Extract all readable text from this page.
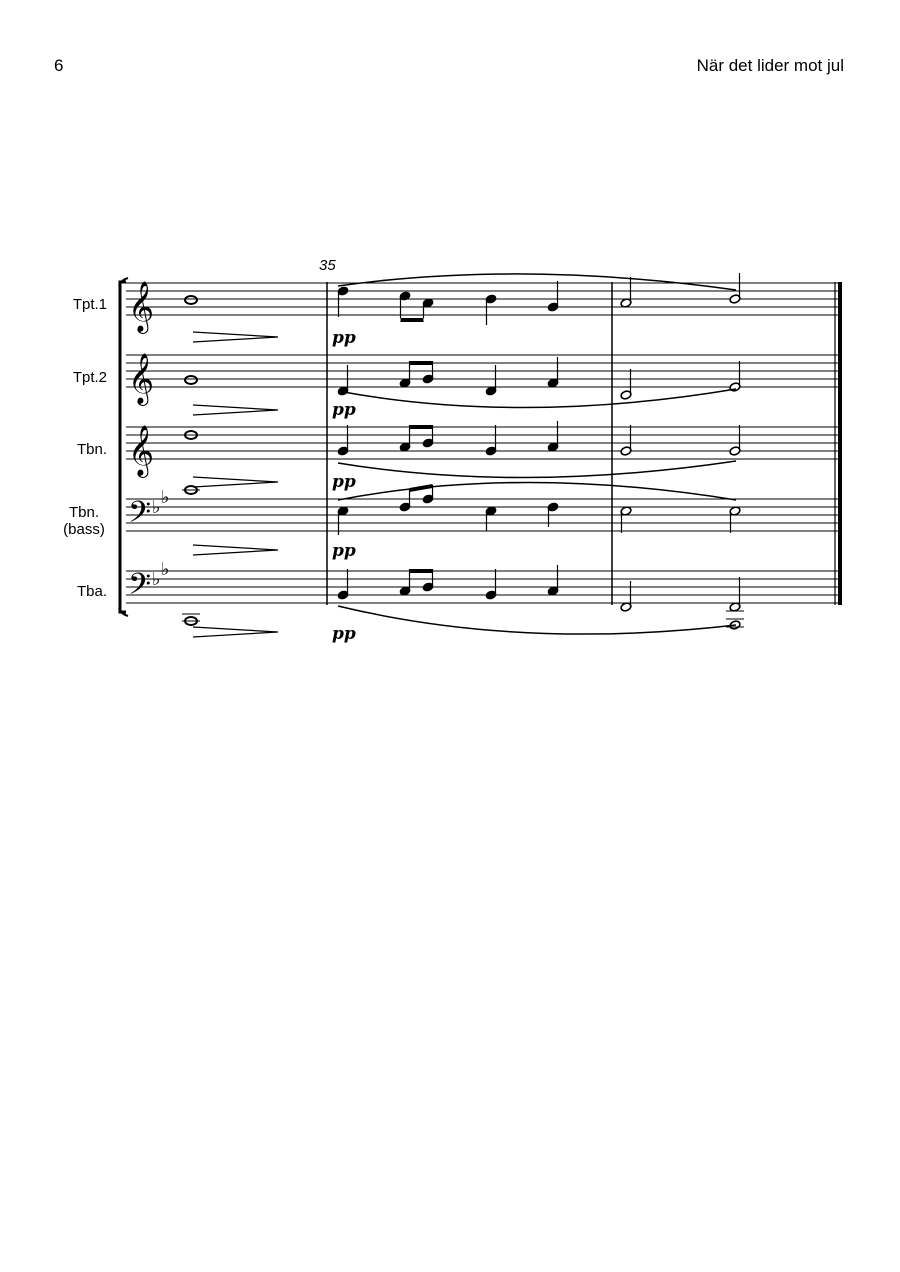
6	När det lider mot jul
Tpt.1
Tpt.2
Tbn.
Tbn.
(bass)
Tba.
𝄞
𝄞
𝄞
𝄢
𝄢
♭ ♭
♭ ♭
35
pp
pp
pp
pp
pp
